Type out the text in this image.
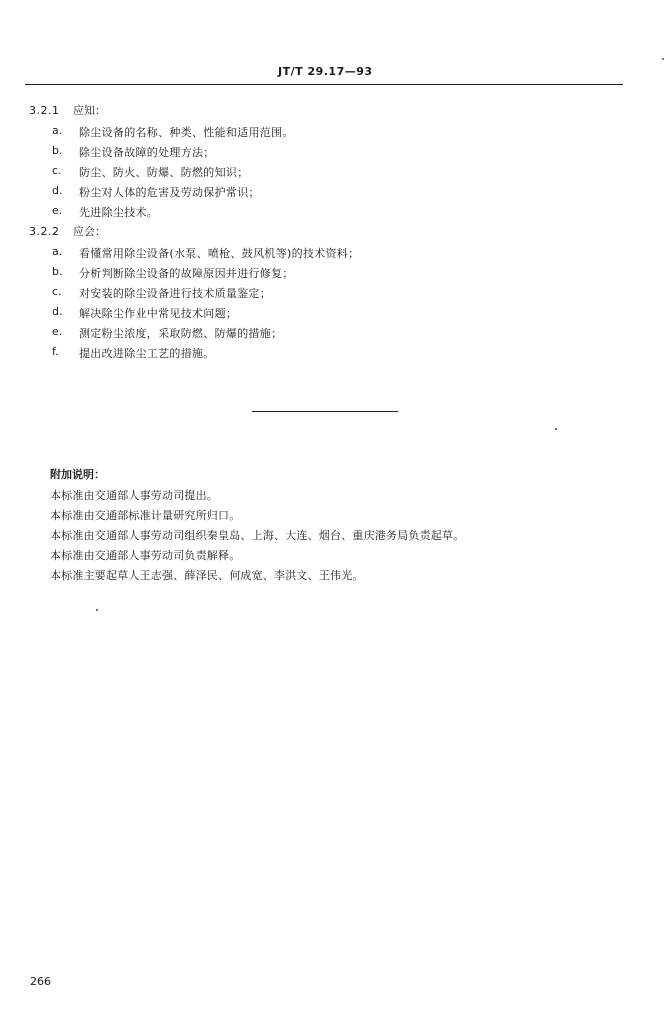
JT/T 29.17—93
3.2.1 应知：
a.	除尘设备的名称、种类、性能和适用范围。
b.	除尘设备故障的处理方法；
c.	防尘、防火、防爆、防燃的知识；
d.	粉尘对人体的危害及劳动保护常识；
e.	先进除尘技术。
3.2.2 应会：
a.	看懂常用除尘设备(水泵、喷枪、鼓风机等)的技术资料；
b.	分析判断除尘设备的故障原因并进行修复；
c.	对安装的除尘设备进行技术质量鉴定；
d.	解决除尘作业中常见技术问题；
e.	测定粉尘浓度，采取防燃、防爆的措施；
f.	提出改进除尘工艺的措施。
附加说明：
本标准由交通部人事劳动司提出。
本标准由交通部标准计量研究所归口。
本标准由交通部人事劳动司组织秦皇岛、上海、大连、烟台、重庆港务局负责起草。
本标准由交通部人事劳动司负责解释。
本标准主要起草人王志强、薛泽民、何成宽、李洪文、王伟光。
266
